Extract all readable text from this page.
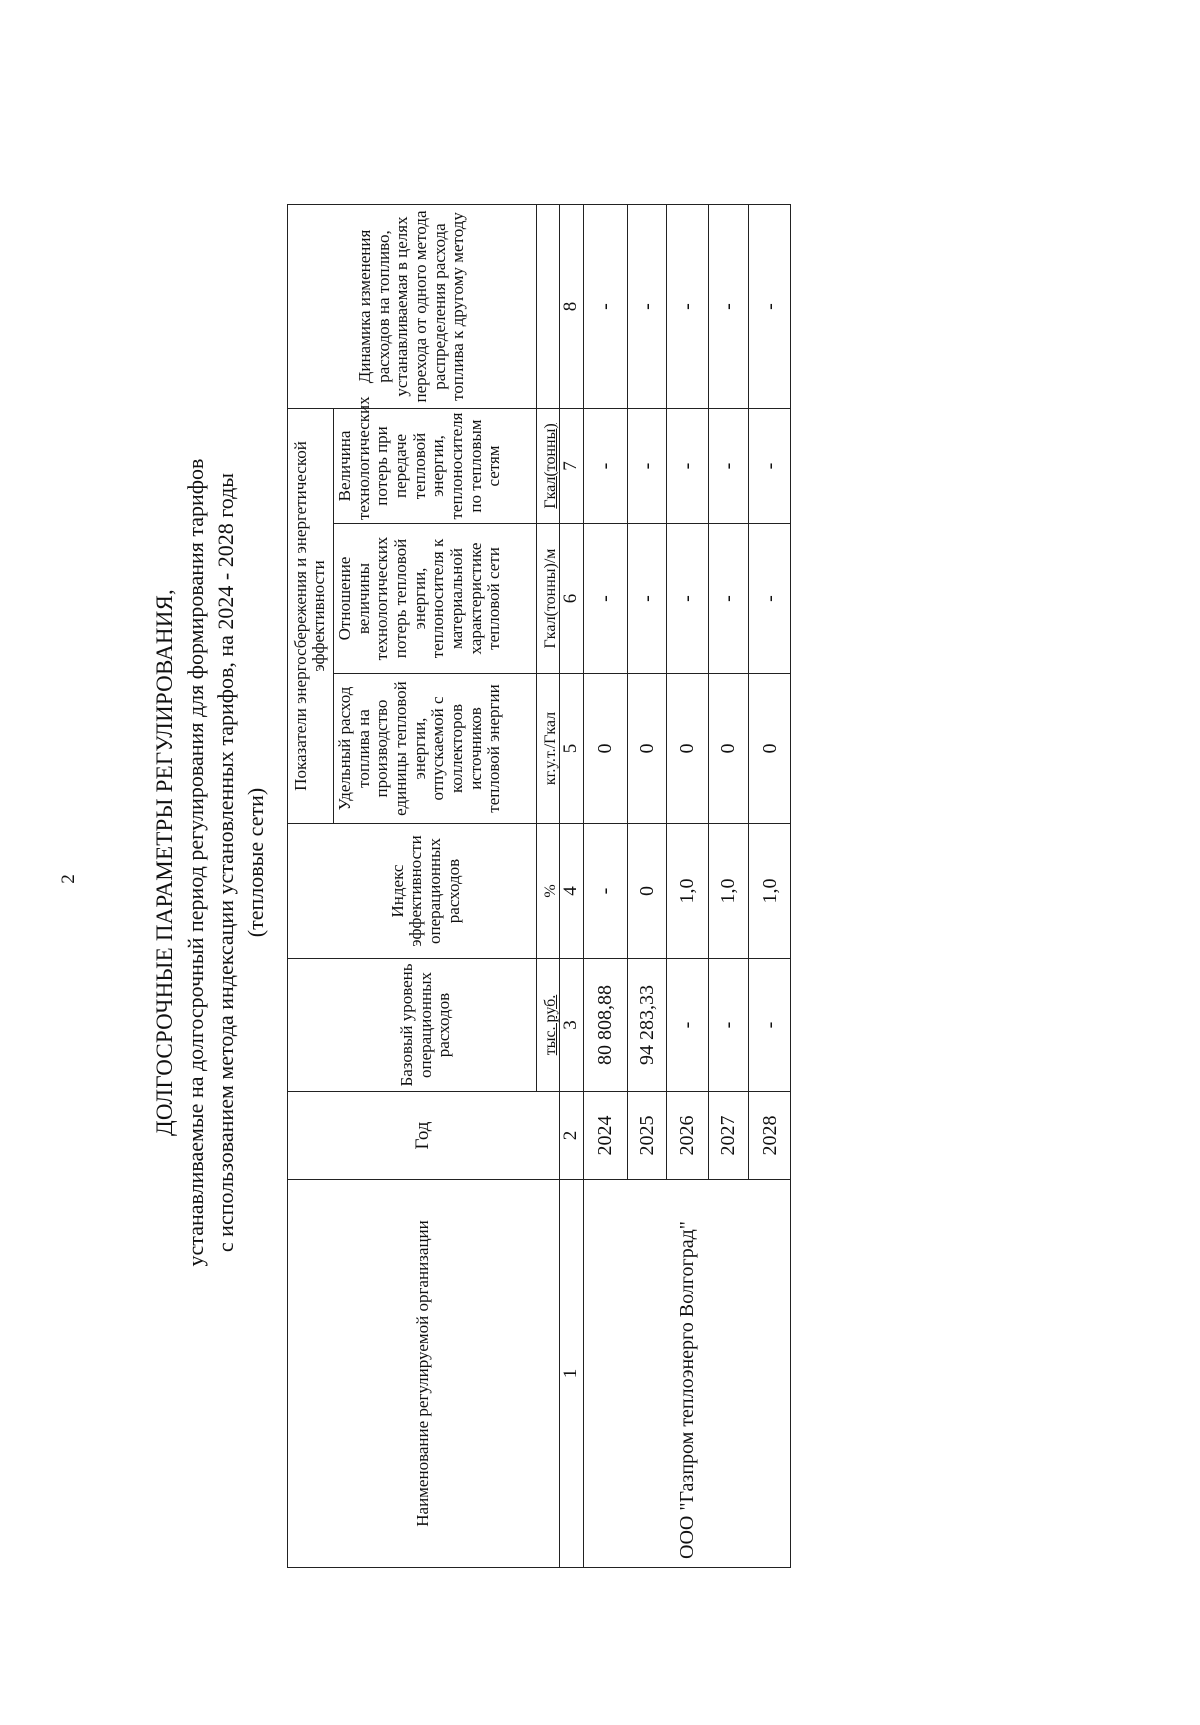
2	ДОЛГОСРОЧНЫЕ ПАРАМЕТРЫ РЕГУЛИРОВАНИЯ, устанавливаемые на долгосрочный период регулирования для формирования тарифов с использованием метода индексации установленных тарифов, на 2024 - 2028 годы (тепловые сети)
Наименование регулируемой организации	Год	Базовый уровень операционных расходов	Индекс эффективности операционных расходов	Показатели энергосбережения и энергетической эффективности			Динамика изменения расходов на топливо, устанавливаемая в целях перехода от одного метода распределения расхода топлива к другому методу
				Удельный расход топлива на производство единицы тепловой энергии, отпускаемой с коллекторов источников тепловой энергии	Отношение величины технологических потерь тепловой энергии, теплоносителя к материальной характеристике тепловой сети	Величина технологических потерь при передаче тепловой энергии, теплоносителя по тепловым сетям	
		тыс. руб.	%	кг.у.т./Гкал	Гкал(тонны)/м	Гкал(тонны)	
1	2	3	4	5	6	7	8
ООО "Газпром теплоэнерго Волгоград"	2024	80 808,88	-	0	-	-	-
	2025	94 283,33	0	0	-	-	-
	2026	-	1,0	0	-	-	-
	2027	-	1,0	0	-	-	-
	2028	-	1,0	0	-	-	-
